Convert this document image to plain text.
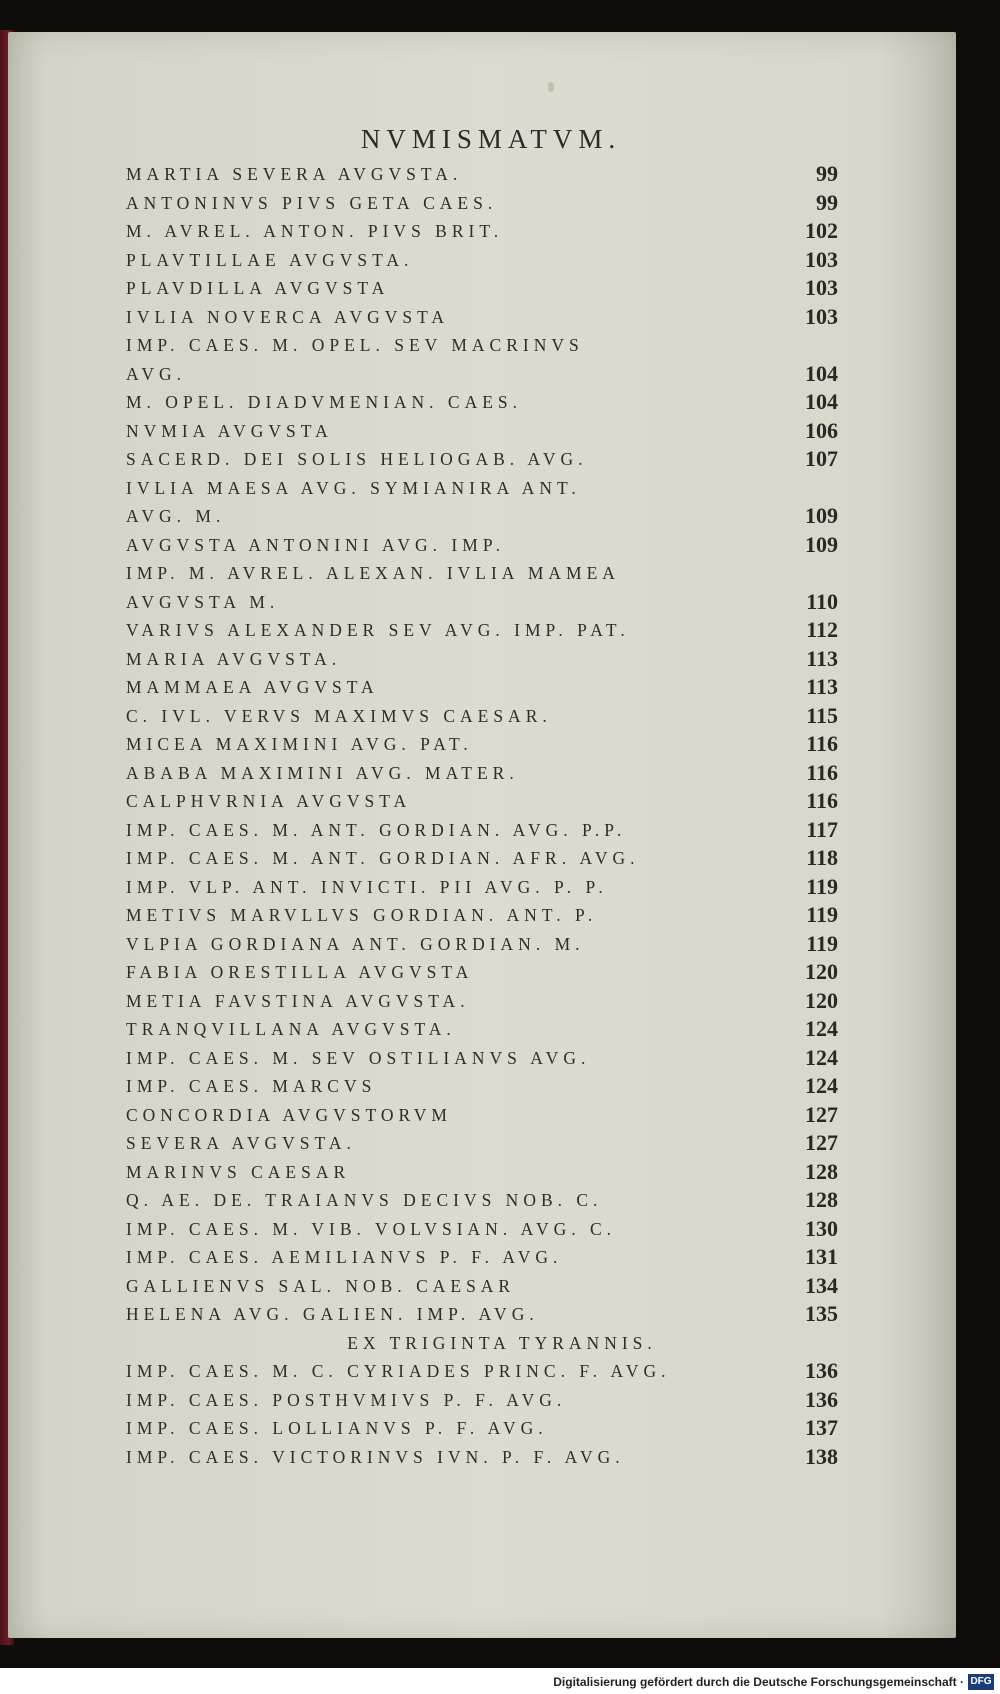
NVMISMATVM.
MARTIA SEVERA AVGVSTA.	99
ANTONINVS PIVS GETA CAES.	99
M. AVREL. ANTON. PIVS BRIT.	102
PLAVTILLAE AVGVSTA.	103
PLAVDILLA AVGVSTA	103
IVLIA NOVERCA AVGVSTA	103
IMP. CAES. M. OPEL. SEV MACRINVS
AVG.	104
M. OPEL. DIADVMENIAN. CAES.	104
NVMIA AVGVSTA	106
SACERD. DEI SOLIS HELIOGAB. AVG.	107
IVLIA MAESA AVG. SYMIANIRA ANT.
AVG. M.	109
AVGVSTA ANTONINI AVG. IMP.	109
IMP. M. AVREL. ALEXAN. IVLIA MAMEA
AVGVSTA M.	110
VARIVS ALEXANDER SEV AVG. IMP. PAT.	112
MARIA AVGVSTA.	113
MAMMAEA AVGVSTA	113
C. IVL. VERVS MAXIMVS CAESAR.	115
MICEA MAXIMINI AVG. PAT.	116
ABABA MAXIMINI AVG. MATER.	116
CALPHVRNIA AVGVSTA	116
IMP. CAES. M. ANT. GORDIAN. AVG. P.P.	117
IMP. CAES. M. ANT. GORDIAN. AFR. AVG.	118
IMP. VLP. ANT. INVICTI. PII AVG. P. P.	119
METIVS MARVLLVS GORDIAN. ANT. P.	119
VLPIA GORDIANA ANT. GORDIAN. M.	119
FABIA ORESTILLA AVGVSTA	120
METIA FAVSTINA AVGVSTA.	120
TRANQVILLANA AVGVSTA.	124
IMP. CAES. M. SEV OSTILIANVS AVG.	124
IMP. CAES. MARCVS	124
CONCORDIA AVGVSTORVM	127
SEVERA AVGVSTA.	127
MARINVS CAESAR	128
Q. AE. DE. TRAIANVS DECIVS NOB. C.	128
IMP. CAES. M. VIB. VOLVSIAN. AVG. C.	130
IMP. CAES. AEMILIANVS P. F. AVG.	131
GALLIENVS SAL. NOB. CAESAR	134
HELENA AVG. GALIEN. IMP. AVG.	135
EX TRIGINTA TYRANNIS.
IMP. CAES. M. C. CYRIADES PRINC. F. AVG.	136
IMP. CAES. POSTHVMIVS P. F. AVG.	136
IMP. CAES. LOLLIANVS P. F. AVG.	137
IMP. CAES. VICTORINVS IVN. P. F. AVG.	138
Digitalisierung gefördert durch die Deutsche Forschungsgemeinschaft · DFG
